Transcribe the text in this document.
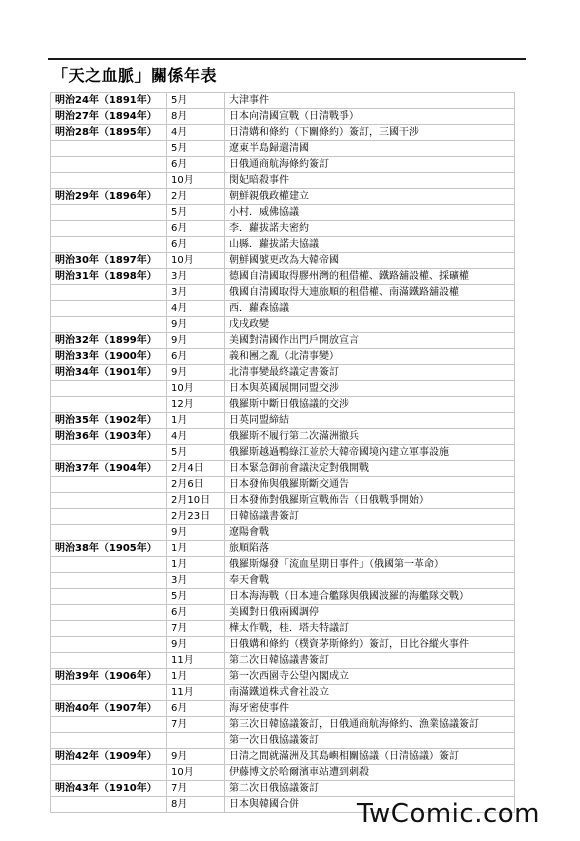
「天之血脈」關係年表
明治24年（1891年）	5月	大津事件
明治27年（1894年）	8月	日本向清國宣戰（日清戰爭）
明治28年（1895年）	4月	日清媾和條約（下關條約）簽訂，三國干涉
	5月	遼東半島歸還清國
	6月	日俄通商航海條約簽訂
	10月	閔妃暗殺事件
明治29年（1896年）	2月	朝鮮親俄政權建立
	5月	小村．威佛協議
	6月	李．蘿拔諾夫密約
	6月	山縣．蘿拔諾夫協議
明治30年（1897年）	10月	朝鮮國號更改為大韓帝國
明治31年（1898年）	3月	德國自清國取得膠州灣的租借權、鐵路舖設權、採礦權
	3月	俄國自清國取得大連旅順的租借權、南滿鐵路舖設權
	4月	西．蘿森協議
	9月	戊戌政變
明治32年（1899年）	9月	美國對清國作出門戶開放宣言
明治33年（1900年）	6月	義和團之亂（北清事變）
明治34年（1901年）	9月	北清事變最終議定書簽訂
	10月	日本與英國展開同盟交涉
	12月	俄羅斯中斷日俄協議的交涉
明治35年（1902年）	1月	日英同盟締結
明治36年（1903年）	4月	俄羅斯不履行第二次滿洲撤兵
	5月	俄羅斯越過鴨綠江並於大韓帝國境內建立軍事設施
明治37年（1904年）	2月4日	日本緊急御前會議決定對俄開戰
	2月6日	日本發佈與俄羅斯斷交通告
	2月10日	日本發佈對俄羅斯宣戰佈告（日俄戰爭開始）
	2月23日	日韓協議書簽訂
	9月	遼陽會戰
明治38年（1905年）	1月	旅順陷落
	1月	俄羅斯爆發「流血星期日事件」（俄國第一革命）
	3月	奉天會戰
	5月	日本海海戰（日本連合艦隊與俄國波羅的海艦隊交戰）
	6月	美國對日俄兩國調停
	7月	樺太作戰，桂．塔夫特議訂
	9月	日俄媾和條約（樸資茅斯條約）簽訂，日比谷縱火事件
	11月	第二次日韓協議書簽訂
明治39年（1906年）	1月	第一次西園寺公望內閣成立
	11月	南滿鐵道株式會社設立
明治40年（1907年）	6月	海牙密使事件
	7月	第三次日韓協議簽訂，日俄通商航海條約、漁業協議簽訂
		第一次日俄協議簽訂
明治42年（1909年）	9月	日清之間就滿洲及其島嶼相關協議（日清協議）簽訂
	10月	伊藤博文於哈爾濱車站遭到刺殺
明治43年（1910年）	7月	第二次日俄協議簽訂
	8月	日本與韓國合併 TwComic.com
